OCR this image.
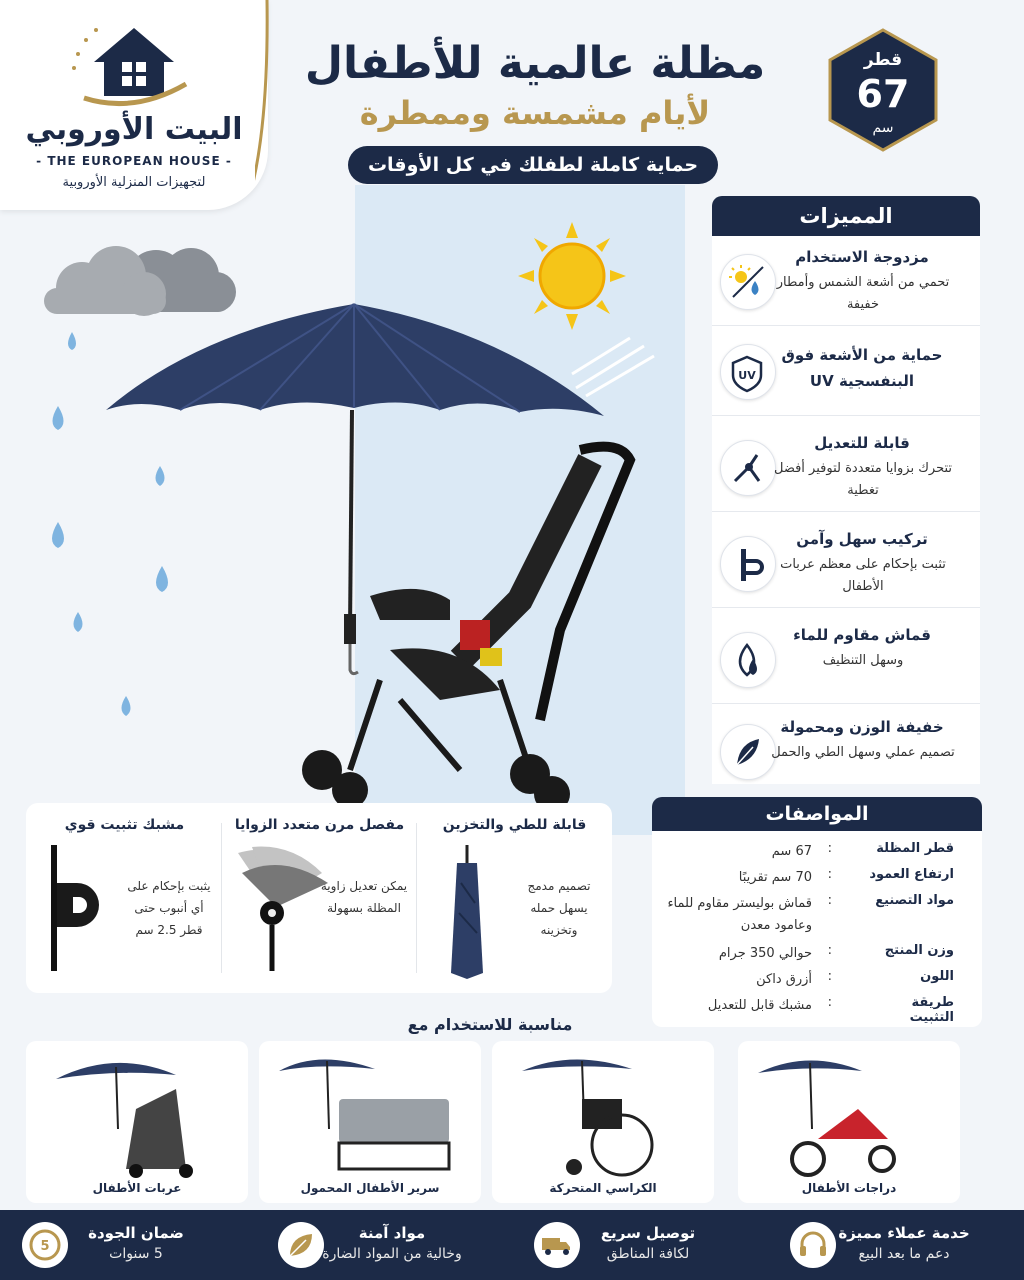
البيت الأوروبي
- THE EUROPEAN HOUSE -
لتجهيزات المنزلية الأوروبية
مظلة عالمية للأطفال
لأيام مشمسة وممطرة
حماية كاملة لطفلك في كل الأوقات
قطر
67
سم
المميزات
مزدوجة الاستخدام
تحمي من أشعة الشمس وأمطار خفيفة
UV
حماية من الأشعة فوق البنفسجية UV
قابلة للتعديل
تتحرك بزوايا متعددة لتوفير أفضل تغطية
تركيب سهل وآمن
تثبت بإحكام على معظم عربات الأطفال
قماش مقاوم للماء
وسهل التنظيف
خفيفة الوزن ومحمولة
تصميم عملي وسهل الطي والحمل
المواصفات
قطر المظلة
:
67 سم
ارتفاع العمود
:
70 سم تقريبًا
مواد التصنيع
:
قماش بوليستر مقاوم للماء وعامود معدن
وزن المنتج
:
حوالي 350 جرام
اللون
:
أزرق داكن
طريقة التثبيت
:
مشبك قابل للتعديل
قابلة للطي والتخزين
تصميم مدمج يسهل حمله وتخزينه
مفصل مرن متعدد الزوايا
يمكن تعديل زاوية المظلة بسهولة
مشبك تثبيت قوي
يثبت بإحكام على أي أنبوب حتى قطر 2.5 سم
مناسبة للاستخدام مع
عربات الأطفال	سرير الأطفال المحمول	الكراسي المتحركة	دراجات الأطفال
خدمة عملاء مميزة
دعم ما بعد البيع
توصيل سريع
لكافة المناطق
مواد آمنة
وخالية من المواد الضارة
5
ضمان الجودة
5 سنوات
